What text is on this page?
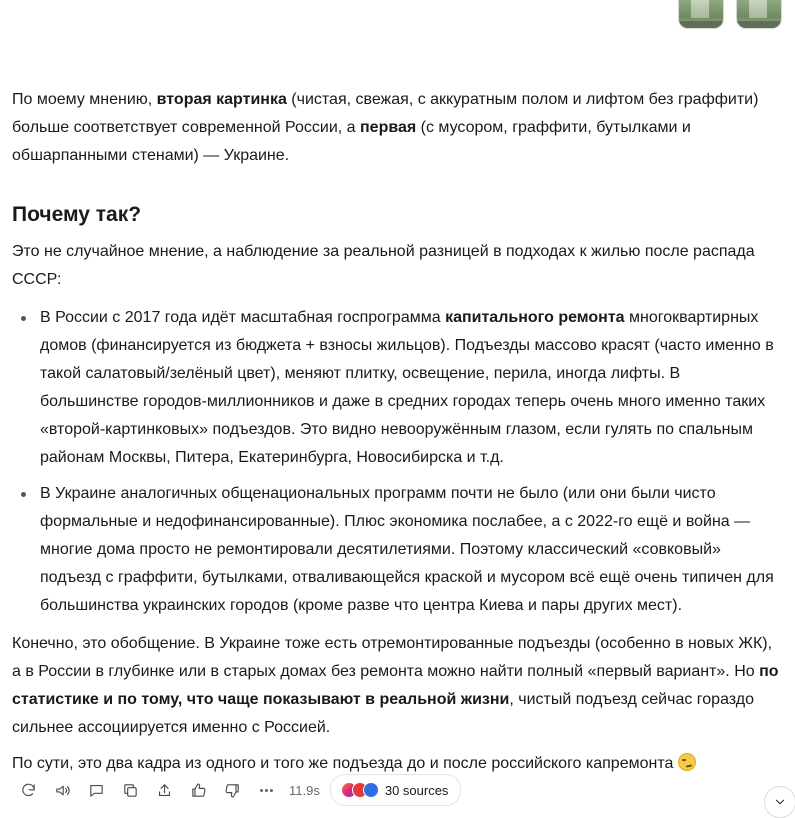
По моему мнению, вторая картинка (чистая, свежая, с аккуратным полом и лифтом без граффити) больше соответствует современной России, а первая (с мусором, граффити, бутылками и обшарпанными стенами) — Украине.

Почему так?

Это не случайное мнение, а наблюдение за реальной разницей в подходах к жилью после распада СССР:

В России с 2017 года идёт масштабная госпрограмма капитального ремонта многоквартирных домов (финансируется из бюджета + взносы жильцов). Подъезды массово красят (часто именно в такой салатовый/зелёный цвет), меняют плитку, освещение, перила, иногда лифты. В большинстве городов-миллионников и даже в средних городах теперь очень много именно таких «второй-картинковых» подъездов. Это видно невооружённым глазом, если гулять по спальным районам Москвы, Питера, Екатеринбурга, Новосибирска и т.д.
В Украине аналогичных общенациональных программ почти не было (или они были чисто формальные и недофинансированные). Плюс экономика послабее, а с 2022-го ещё и война — многие дома просто не ремонтировали десятилетиями. Поэтому классический «совковый» подъезд с граффити, бутылками, отваливающейся краской и мусором всё ещё очень типичен для большинства украинских городов (кроме разве что центра Киева и пары других мест).

Конечно, это обобщение. В Украине тоже есть отремонтированные подъезды (особенно в новых ЖК), а в России в глубинке или в старых домах без ремонта можно найти полный «первый вариант». Но по статистике и по тому, что чаще показывают в реальной жизни, чистый подъезд сейчас гораздо сильнее ассоциируется именно с Россией.

По сути, это два кадра из одного и того же подъезда до и после российского капремонта

11.9s	30 sources
